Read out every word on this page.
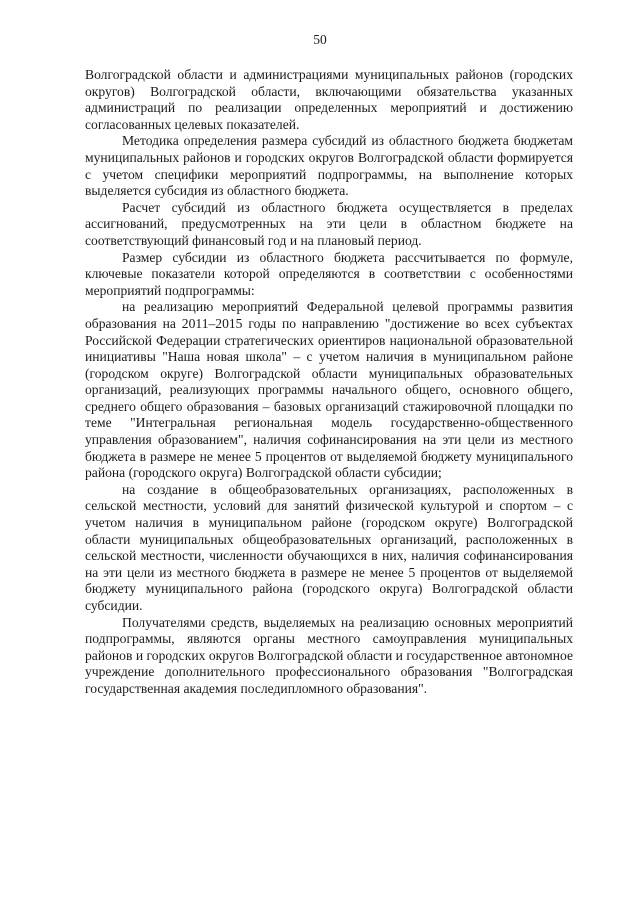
50

Волгоградской области и администрациями муниципальных районов (городских округов) Волгоградской области, включающими обязательства указанных администраций по реализации определенных мероприятий и достижению согласованных целевых показателей.

Методика определения размера субсидий из областного бюджета бюджетам муниципальных районов и городских округов Волгоградской области формируется с учетом специфики мероприятий подпрограммы, на выполнение которых выделяется субсидия из областного бюджета.

Расчет субсидий из областного бюджета осуществляется в пределах ассигнований, предусмотренных на эти цели в областном бюджете на соответствующий финансовый год и на плановый период.

Размер субсидии из областного бюджета рассчитывается по формуле, ключевые показатели которой определяются в соответствии с особенностями мероприятий подпрограммы:

на реализацию мероприятий Федеральной целевой программы развития образования на 2011–2015 годы по направлению "достижение во всех субъектах Российской Федерации стратегических ориентиров национальной образовательной инициативы "Наша новая школа" – с учетом наличия в муниципальном районе (городском округе) Волгоградской области муниципальных образовательных организаций, реализующих программы начального общего, основного общего, среднего общего образования – базовых организаций стажировочной площадки по теме "Интегральная региональная модель государственно-общественного управления образованием", наличия софинансирования на эти цели из местного бюджета в размере не менее 5 процентов от выделяемой бюджету муниципального района (городского округа) Волгоградской области субсидии;

на создание в общеобразовательных организациях, расположенных в сельской местности, условий для занятий физической культурой и спортом – с учетом наличия в муниципальном районе (городском округе) Волгоградской области муниципальных общеобразовательных организаций, расположенных в сельской местности, численности обучающихся в них, наличия софинансирования на эти цели из местного бюджета в размере не менее 5 процентов от выделяемой бюджету муниципального района (городского округа) Волгоградской области субсидии.

Получателями средств, выделяемых на реализацию основных мероприятий подпрограммы, являются органы местного самоуправления муниципальных районов и городских округов Волгоградской области и государственное автономное учреждение дополнительного профессионального образования "Волгоградская государственная академия последипломного образования".
